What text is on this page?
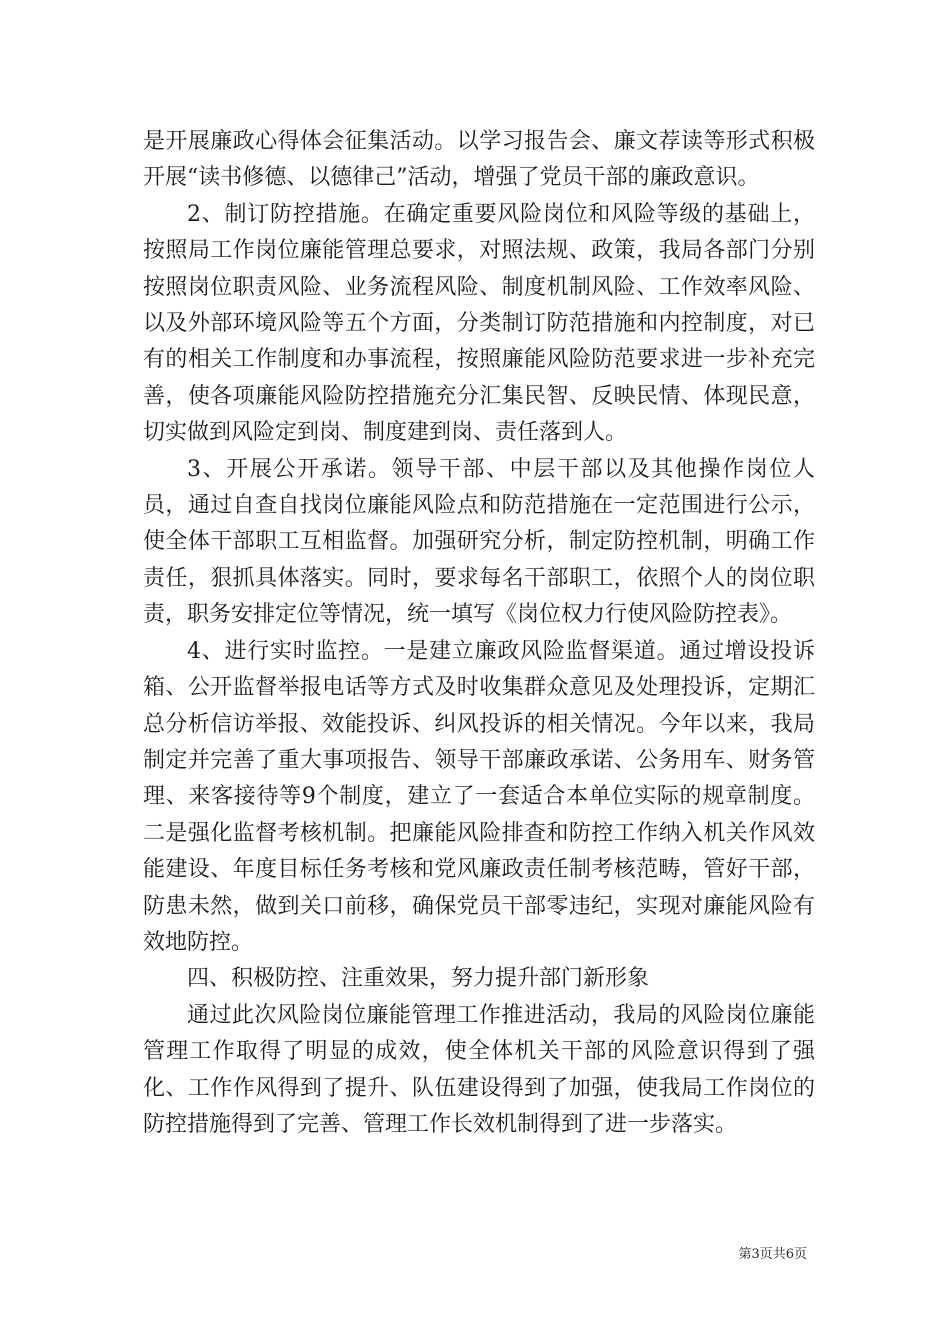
是开展廉政心得体会征集活动。以学习报告会、廉文荐读等形式积极开展“读书修德、以德律己”活动，增强了党员干部的廉政意识。

2、制订防控措施。在确定重要风险岗位和风险等级的基础上，按照局工作岗位廉能管理总要求，对照法规、政策，我局各部门分别按照岗位职责风险、业务流程风险、制度机制风险、工作效率风险、以及外部环境风险等五个方面，分类制订防范措施和内控制度，对已有的相关工作制度和办事流程，按照廉能风险防范要求进一步补充完善，使各项廉能风险防控措施充分汇集民智、反映民情、体现民意，切实做到风险定到岗、制度建到岗、责任落到人。

3、开展公开承诺。领导干部、中层干部以及其他操作岗位人员，通过自查自找岗位廉能风险点和防范措施在一定范围进行公示，使全体干部职工互相监督。加强研究分析，制定防控机制，明确工作责任，狠抓具体落实。同时，要求每名干部职工，依照个人的岗位职责，职务安排定位等情况，统一填写《岗位权力行使风险防控表》。

4、进行实时监控。一是建立廉政风险监督渠道。通过增设投诉箱、公开监督举报电话等方式及时收集群众意见及处理投诉，定期汇总分析信访举报、效能投诉、纠风投诉的相关情况。今年以来，我局制定并完善了重大事项报告、领导干部廉政承诺、公务用车、财务管理、来客接待等9个制度，建立了一套适合本单位实际的规章制度。二是强化监督考核机制。把廉能风险排查和防控工作纳入机关作风效能建设、年度目标任务考核和党风廉政责任制考核范畴，管好干部，防患未然，做到关口前移，确保党员干部零违纪，实现对廉能风险有效地防控。

四、积极防控、注重效果，努力提升部门新形象

通过此次风险岗位廉能管理工作推进活动，我局的风险岗位廉能管理工作取得了明显的成效，使全体机关干部的风险意识得到了强化、工作作风得到了提升、队伍建设得到了加强，使我局工作岗位的防控措施得到了完善、管理工作长效机制得到了进一步落实。

第3页共6页
